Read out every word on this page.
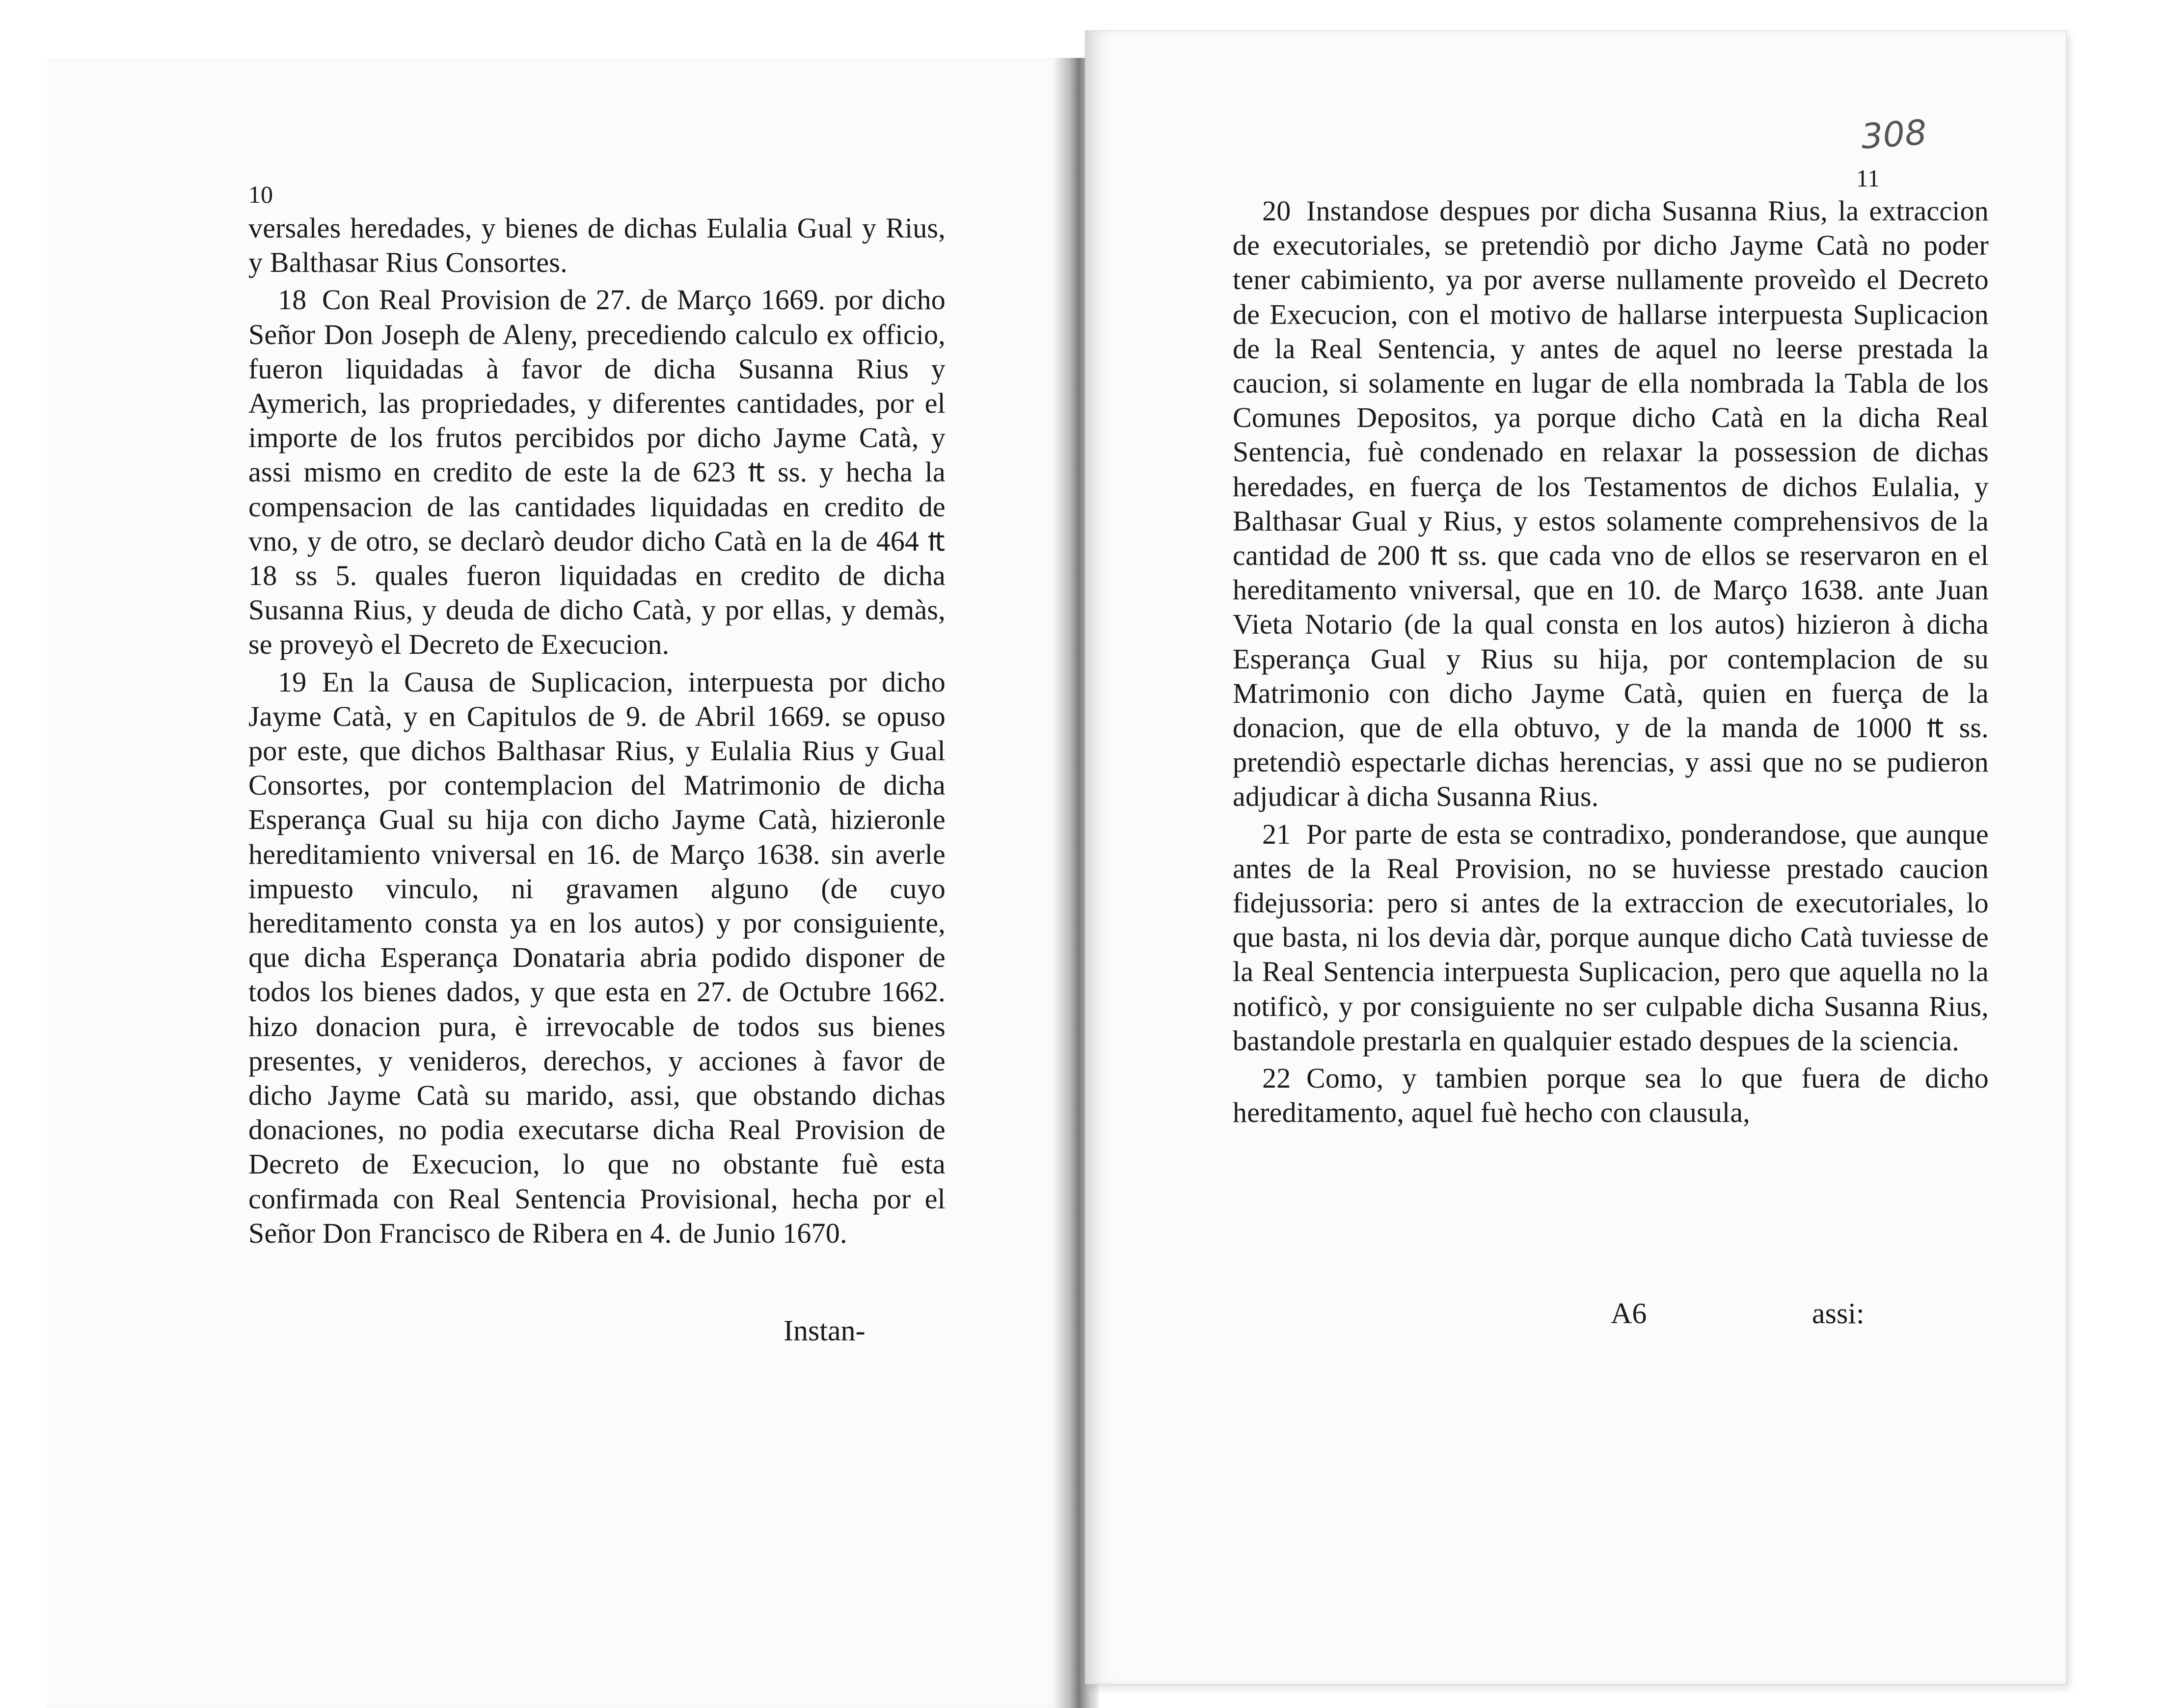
10

versales heredades, y bienes de dichas Eulalia Gual y Rius, y Balthasar Rius Consortes.

18 Con Real Provision de 27. de Março 1669. por dicho Señor Don Joseph de Aleny, precediendo calculo ex officio, fueron liquidadas à favor de dicha Susanna Rius y Aymerich, las propriedades, y diferentes cantidades, por el importe de los frutos percibidos por dicho Jayme Catà, y assi mismo en credito de este la de 623 ₶ ss. y hecha la compensacion de las cantidades liquidadas en credito de vno, y de otro, se declarò deudor dicho Catà en la de 464 ₶ 18 ss 5. quales fueron liquidadas en credito de dicha Susanna Rius, y deuda de dicho Catà, y por ellas, y demàs, se proveyò el Decreto de Execucion.

19 En la Causa de Suplicacion, interpuesta por dicho Jayme Catà, y en Capitulos de 9. de Abril 1669. se opuso por este, que dichos Balthasar Rius, y Eulalia Rius y Gual Consortes, por contemplacion del Matrimonio de dicha Esperança Gual su hija con dicho Jayme Catà, hizieronle hereditamiento vniversal en 16. de Março 1638. sin averle impuesto vinculo, ni gravamen alguno (de cuyo hereditamento consta ya en los autos) y por consiguiente, que dicha Esperança Donataria abria podido disponer de todos los bienes dados, y que esta en 27. de Octubre 1662. hizo donacion pura, è irrevocable de todos sus bienes presentes, y venideros, derechos, y acciones à favor de dicho Jayme Catà su marido, assi, que obstando dichas donaciones, no podia executarse dicha Real Provision de Decreto de Execucion, lo que no obstante fuè esta confirmada con Real Sentencia Provisional, hecha por el Señor Don Francisco de Ribera en 4. de Junio 1670.

Instan-
308
11

20 Instandose despues por dicha Susanna Rius, la extraccion de executoriales, se pretendiò por dicho Jayme Catà no poder tener cabimiento, ya por averse nullamente proveìdo el Decreto de Execucion, con el motivo de hallarse interpuesta Suplicacion de la Real Sentencia, y antes de aquel no leerse prestada la caucion, si solamente en lugar de ella nombrada la Tabla de los Comunes Depositos, ya porque dicho Catà en la dicha Real Sentencia, fuè condenado en relaxar la possession de dichas heredades, en fuerça de los Testamentos de dichos Eulalia, y Balthasar Gual y Rius, y estos solamente comprehensivos de la cantidad de 200 ₶ ss. que cada vno de ellos se reservaron en el hereditamento vniversal, que en 10. de Março 1638. ante Juan Vieta Notario (de la qual consta en los autos) hizieron à dicha Esperança Gual y Rius su hija, por contemplacion de su Matrimonio con dicho Jayme Catà, quien en fuerça de la donacion, que de ella obtuvo, y de la manda de 1000 ₶ ss. pretendiò espectarle dichas herencias, y assi que no se pudieron adjudicar à dicha Susanna Rius.

21 Por parte de esta se contradixo, ponderandose, que aunque antes de la Real Provision, no se huviesse prestado caucion fidejussoria: pero si antes de la extraccion de executoriales, lo que basta, ni los devia dàr, porque aunque dicho Catà tuviesse de la Real Sentencia interpuesta Suplicacion, pero que aquella no la notificò, y por consiguiente no ser culpable dicha Susanna Rius, bastandole prestarla en qualquier estado despues de la sciencia.

22 Como, y tambien porque sea lo que fuera de dicho hereditamento, aquel fuè hecho con clausula,

A6	assi:
